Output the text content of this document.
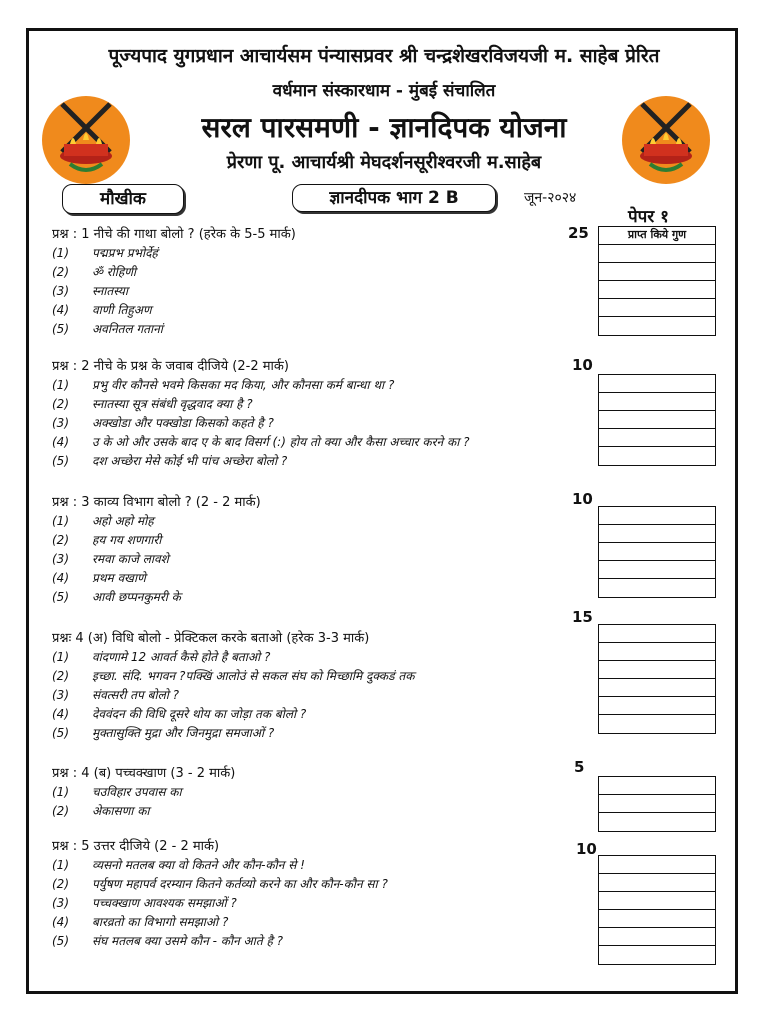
पूज्यपाद युगप्रधान आचार्यसम पंन्यासप्रवर श्री चन्द्रशेखरविजयजी म. साहेब प्रेरित
वर्धमान संस्कारधाम - मुंबई संचालित
सरल पारसमणी - ज्ञानदिपक योजना
प्रेरणा पू. आचार्यश्री मेघदर्शनसूरीश्वरजी म.साहेब
मौखीक	ज्ञानदीपक भाग 2 B	जून-२०२४
पेपर १
प्रश्न : 1 नीचे की गाथा बोलो ? (हरेक के 5-5 मार्क)
(1) पद्मप्रभ प्रभोर्देहं
(2) ॐ रोहिणी
(3) स्नातस्या
(4) वाणी तिहुअण
(5) अवनितल गतानां
25	प्राप्त किये गुण
प्रश्न : 2 नीचे के प्रश्न के जवाब दीजिये (2-2 मार्क)
(1) प्रभु वीर कौनसे भवमे किसका मद किया, और कौनसा कर्म बान्धा था ?
(2) स्नातस्या सूत्र संबंधी वृद्धवाद क्या है ?
(3) अक्खोडा और पक्खोडा किसको कहते है ?
(4) उ के ओ और उसके बाद ए के बाद विसर्ग (:) होय तो क्या और कैसा अच्चार करने का ?
(5) दश अच्छेरा मेसे कोई भी पांच अच्छेरा बोलो ?
10
प्रश्न : 3 काव्य विभाग बोलो ? (2 - 2 मार्क)
(1) अहो अहो मोह
(2) हय गय शणगारी
(3) रमवा काजे लावशे
(4) प्रथम वखाणे
(5) आवी छप्पनकुमरी के
10
प्रश्नः 4 (अ) विधि बोलो - प्रेक्टिकल करके बताओ (हरेक 3-3 मार्क)
(1) वांदणामे 12 आवर्त कैसे होते है बताओ ?
(2) इच्छा. संदि. भगवन ?पक्खिं आलोउं से सकल संघ को मिच्छामि दुक्कडं तक
(3) संवत्सरी तप बोलो ?
(4) देववंदन की विधि दूसरे थोय का जोड़ा तक बोलो ?
(5) मुक्तासुक्ति मुद्रा और जिनमुद्रा समजाओं ?
15
प्रश्न : 4 (ब) पच्चक्खाण (3 - 2 मार्क)
(1) चउविहार उपवास का
(2) अेकासणा का
5
प्रश्न : 5 उत्तर दीजिये (2 - 2 मार्क)
(1) व्यसनो मतलब क्या वो कितने और कौन-कौन से !
(2) पर्युषण महापर्व दरम्यान कितने कर्तव्यो करने का और कौन-कौन सा ?
(3) पच्चक्खाण आवश्यक समझाओं ?
(4) बारव्रतो का विभागो समझाओ ?
(5) संघ मतलब क्या उसमे कौन - कौन आते है ?
10
